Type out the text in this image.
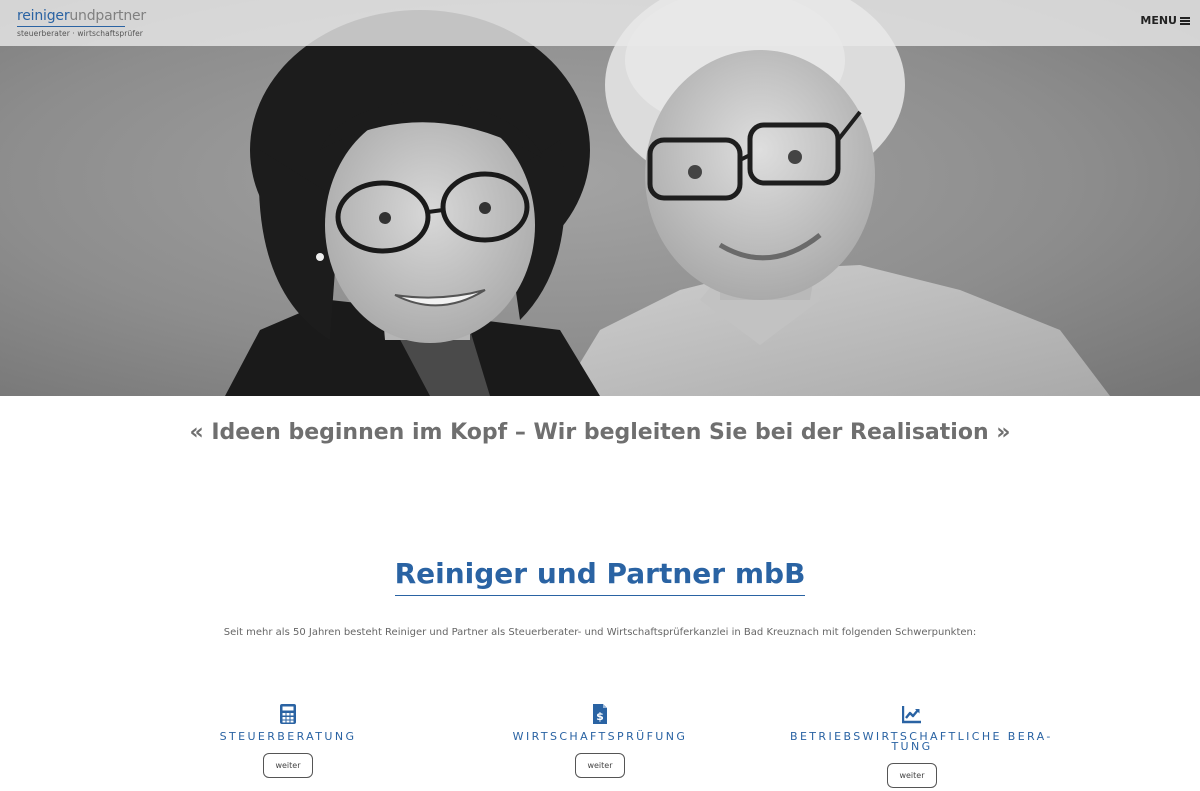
reinigerundpartner
steuerberater · wirtschaftsprüfer
MENU
« Ideen beginnen im Kopf – Wir begleiten Sie bei der Realisation »
Reiniger und Partner mbB
Seit mehr als 50 Jahren besteht Reiniger und Partner als Steuerberater- und Wirtschaftsprüferkanzlei in Bad Kreuznach mit folgenden Schwerpunkten:
STEUERBERATUNG
weiter
$
WIRTSCHAFTSPRÜFUNG
weiter
BETRIEBSWIRTSCHAFTLICHE BERA-
TUNG
weiter
